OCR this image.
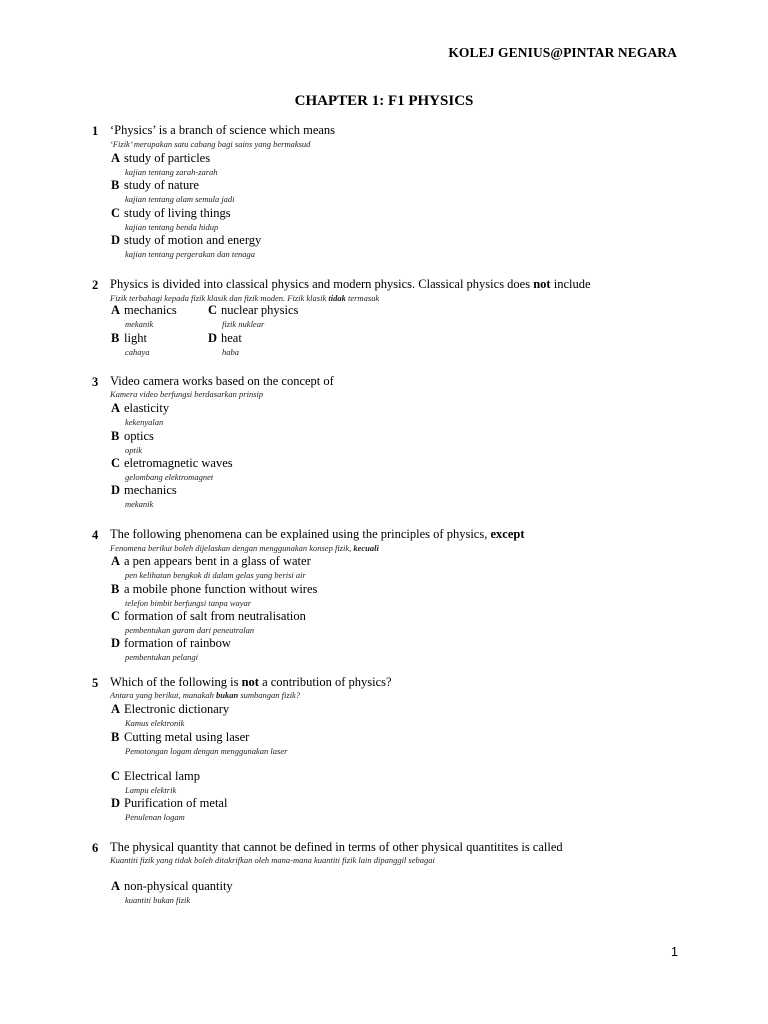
KOLEJ GENIUS@PINTAR NEGARA
CHAPTER 1: F1 PHYSICS
1 ‘Physics’ is a branch of science which means
‘Fizik’ merupakan satu cabang bagi sains yang bermaksud
A study of particles
kajian tentang zarah-zarah
B study of nature
kajian tentang alam semula jadi
C study of living things
kajian tentang benda hidup
D study of motion and energy
kajian tentang pergerakan dan tenaga
2 Physics is divided into classical physics and modern physics. Classical physics does not include
Fizik terbahagi kepada fizik klasik dan fizik moden. Fizik klasik tidak termasuk
A mechanics
mekanik
C nuclear physics
fizik nuklear
B light
cahaya
D heat
haba
3 Video camera works based on the concept of
Kamera video berfungsi berdasarkan prinsip
A elasticity
kekenyalan
B optics
optik
C eletromagnetic waves
gelombang elektromagnet
D mechanics
mekanik
4 The following phenomena can be explained using the principles of physics, except
Fenomena berikut boleh dijelaskan dengan menggunakan konsep fizik, kecuali
A a pen appears bent in a glass of water
pen kelihatan bengkok di dalam gelas yang berisi air
B a mobile phone function without wires
telefon bimbit berfungsi tanpa wayar
C formation of salt from neutralisation
pembentukan garam dari peneutralan
D formation of rainbow
pembentukan pelangi
5 Which of the following is not a contribution of physics?
Antara yang berikut, manakah bukan sumbangan fizik?
A Electronic dictionary
Kamus elektronik
B Cutting metal using laser
Pemotongan logam dengan menggunakan laser
C Electrical lamp
Lampu elektrik
D Purification of metal
Penulenan logam
6 The physical quantity that cannot be defined in terms of other physical quantitites is called
Kuantiti fizik yang tidak boleh ditakrifkan oleh mana-mana kuantiti fizik lain dipanggil sebagai
A non-physical quantity
kuantiti bukan fizik
1
